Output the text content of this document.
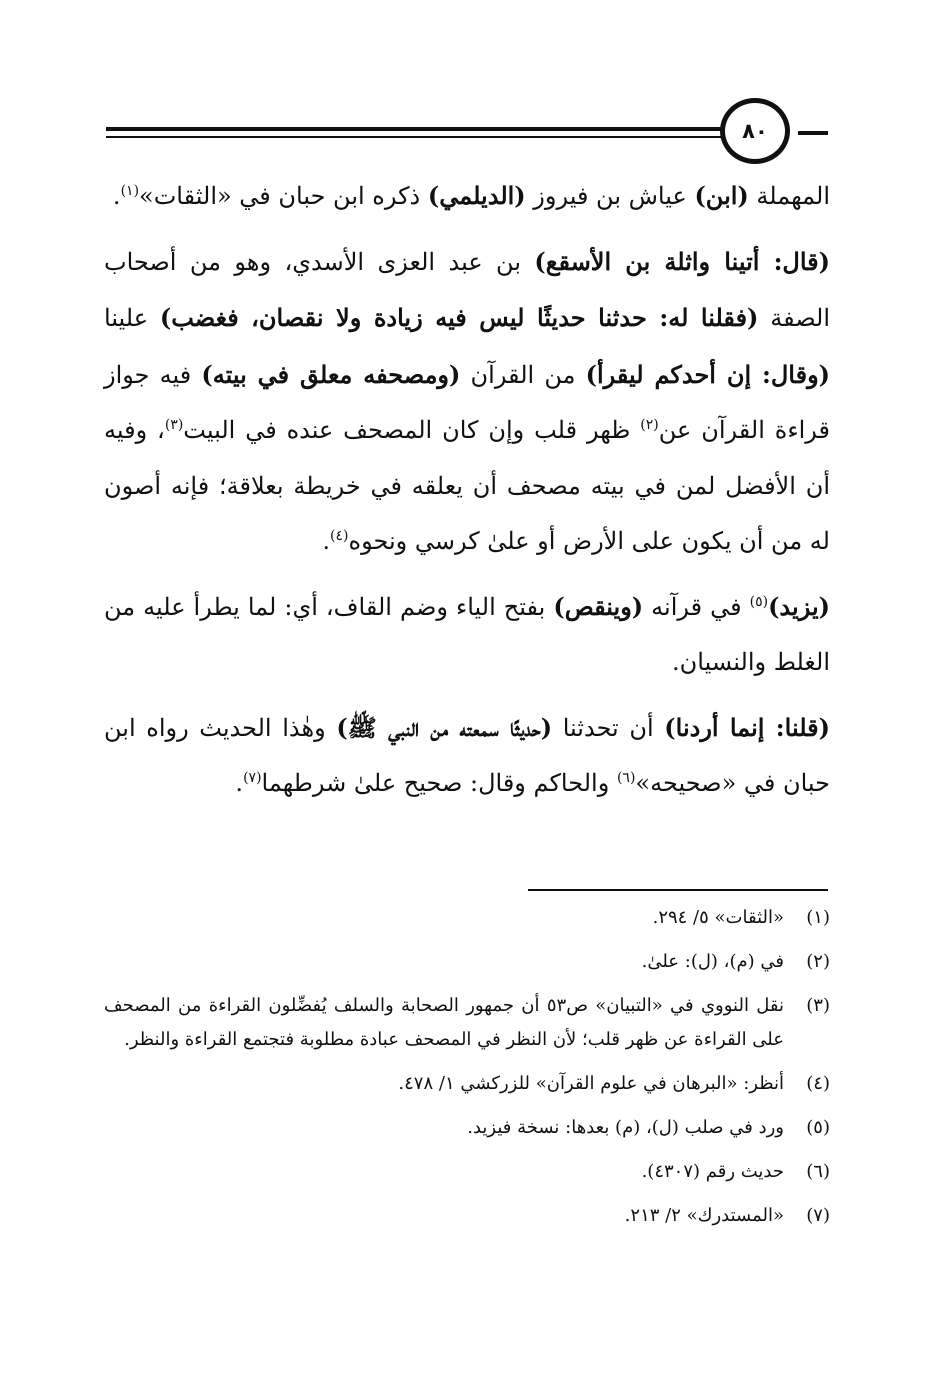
٨٠

المهملة (ابن) عياش بن فيروز (الديلمي) ذكره ابن حبان في «الثقات»$^{(١)}$.

(قال: أتينا واثلة بن الأسقع) بن عبد العزى الأسدي، وهو من أصحاب الصفة (فقلنا له: حدثنا حديثًا ليس فيه زيادة ولا نقصان، فغضب) علينا (وقال: إن أحدكم ليقرأ) من القرآن (ومصحفه معلق في بيته) فيه جواز قراءة القرآن عن$^{(٢)}$ ظهر قلب وإن كان المصحف عنده في البيت$^{(٣)}$، وفيه أن الأفضل لمن في بيته مصحف أن يعلقه في خريطة بعلاقة؛ فإنه أصون له من أن يكون على الأرض أو علىٰ كرسي ونحوه$^{(٤)}$.

(يزيد)$^{(٥)}$ في قرآنه (وينقص) بفتح الياء وضم القاف، أي: لما يطرأ عليه من الغلط والنسيان.

(قلنا: إنما أردنا) أن تحدثنا (حديثًا سمعته من النبي ﷺ) وهٰذا الحديث رواه ابن حبان في «صحيحه»$^{(٦)}$ والحاكم وقال: صحيح علىٰ شرطهما$^{(٧)}$.

(١)
«الثقات» ٥/ ٢٩٤.
(٢)
في (م)، (ل): علىٰ.
(٣)
نقل النووي في «التبيان» ص٥٣ أن جمهور الصحابة والسلف يُفضِّلون القراءة من المصحف على القراءة عن ظهر قلب؛ لأن النظر في المصحف عبادة مطلوبة فتجتمع القراءة والنظر.
(٤)
أنظر: «البرهان في علوم القرآن» للزركشي ١/ ٤٧٨.
(٥)
ورد في صلب (ل)، (م) بعدها: نسخة فيزيد.
(٦)
حديث رقم (٤٣٠٧).
(٧)
«المستدرك» ٢/ ٢١٣.
